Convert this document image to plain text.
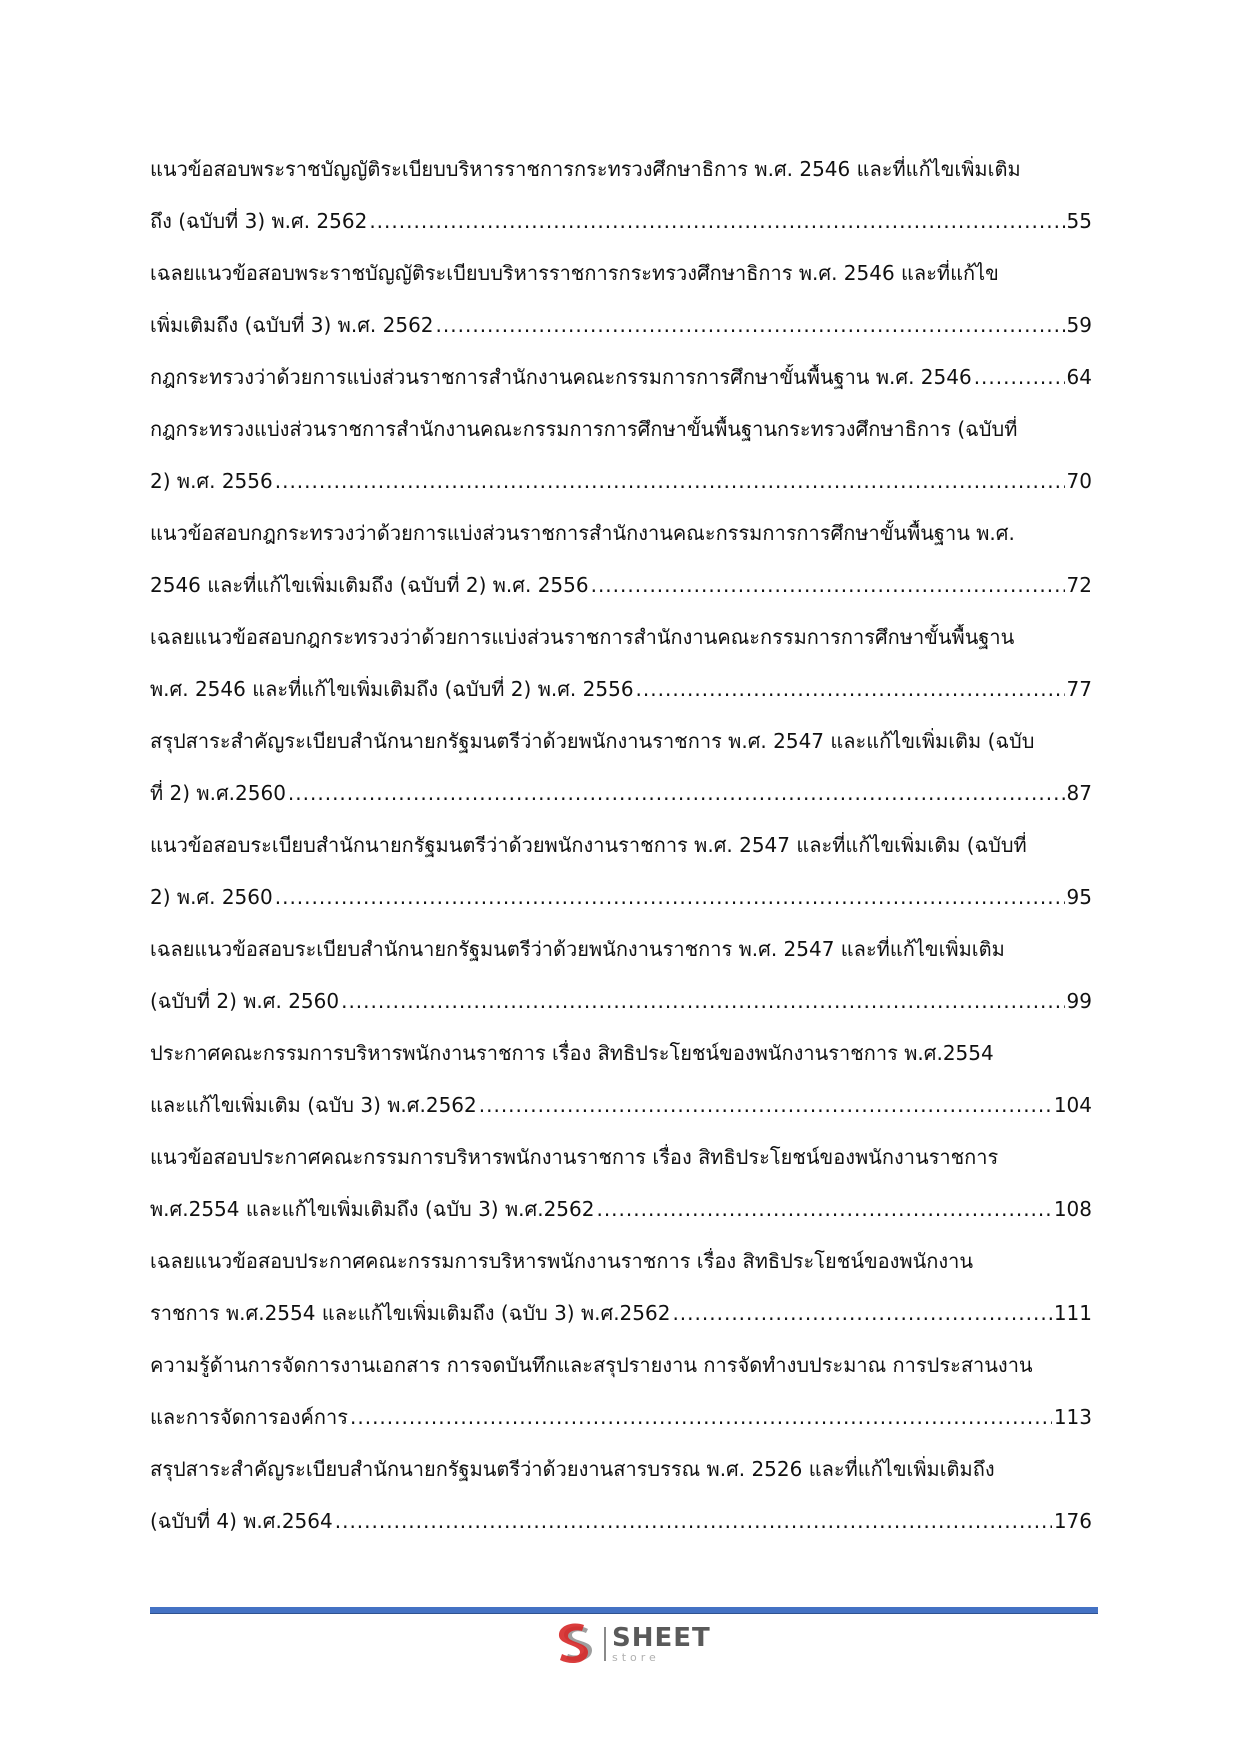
แนวข้อสอบพระราชบัญญัติระเบียบบริหารราชการกระทรวงศึกษาธิการ พ.ศ. 2546 และที่แก้ไขเพิ่มเติม
ถึง (ฉบับที่ 3) พ.ศ. 2562 .....	55
เฉลยแนวข้อสอบพระราชบัญญัติระเบียบบริหารราชการกระทรวงศึกษาธิการ พ.ศ. 2546 และที่แก้ไข
เพิ่มเติมถึง (ฉบับที่ 3) พ.ศ. 2562 .....	59
กฎกระทรวงว่าด้วยการแบ่งส่วนราชการสำนักงานคณะกรรมการการศึกษาขั้นพื้นฐาน พ.ศ. 2546 .....	64
กฎกระทรวงแบ่งส่วนราชการสำนักงานคณะกรรมการการศึกษาขั้นพื้นฐานกระทรวงศึกษาธิการ (ฉบับที่
2) พ.ศ. 2556 .....	70
แนวข้อสอบกฎกระทรวงว่าด้วยการแบ่งส่วนราชการสำนักงานคณะกรรมการการศึกษาขั้นพื้นฐาน พ.ศ.
2546 และที่แก้ไขเพิ่มเติมถึง (ฉบับที่ 2) พ.ศ. 2556 .....	72
เฉลยแนวข้อสอบกฎกระทรวงว่าด้วยการแบ่งส่วนราชการสำนักงานคณะกรรมการการศึกษาขั้นพื้นฐาน
พ.ศ. 2546 และที่แก้ไขเพิ่มเติมถึง (ฉบับที่ 2) พ.ศ. 2556 .....	77
สรุปสาระสำคัญระเบียบสำนักนายกรัฐมนตรีว่าด้วยพนักงานราชการ พ.ศ. 2547 และแก้ไขเพิ่มเติม (ฉบับ
ที่ 2) พ.ศ.2560 .....	87
แนวข้อสอบระเบียบสำนักนายกรัฐมนตรีว่าด้วยพนักงานราชการ พ.ศ. 2547 และที่แก้ไขเพิ่มเติม (ฉบับที่
2) พ.ศ. 2560 .....	95
เฉลยแนวข้อสอบระเบียบสำนักนายกรัฐมนตรีว่าด้วยพนักงานราชการ พ.ศ. 2547 และที่แก้ไขเพิ่มเติม
(ฉบับที่ 2) พ.ศ. 2560 .....	99
ประกาศคณะกรรมการบริหารพนักงานราชการ เรื่อง สิทธิประโยชน์ของพนักงานราชการ พ.ศ.2554
และแก้ไขเพิ่มเติม (ฉบับ 3) พ.ศ.2562 .....	104
แนวข้อสอบประกาศคณะกรรมการบริหารพนักงานราชการ เรื่อง สิทธิประโยชน์ของพนักงานราชการ
พ.ศ.2554 และแก้ไขเพิ่มเติมถึง (ฉบับ 3) พ.ศ.2562 .....	108
เฉลยแนวข้อสอบประกาศคณะกรรมการบริหารพนักงานราชการ เรื่อง สิทธิประโยชน์ของพนักงาน
ราชการ พ.ศ.2554 และแก้ไขเพิ่มเติมถึง (ฉบับ 3) พ.ศ.2562 .....	111
ความรู้ด้านการจัดการงานเอกสาร การจดบันทึกและสรุปรายงาน การจัดทำงบประมาณ การประสานงาน
และการจัดการองค์การ .....	113
สรุปสาระสำคัญระเบียบสำนักนายกรัฐมนตรีว่าด้วยงานสารบรรณ พ.ศ. 2526 และที่แก้ไขเพิ่มเติมถึง
(ฉบับที่ 4) พ.ศ.2564 .....	176
SHEET
store
